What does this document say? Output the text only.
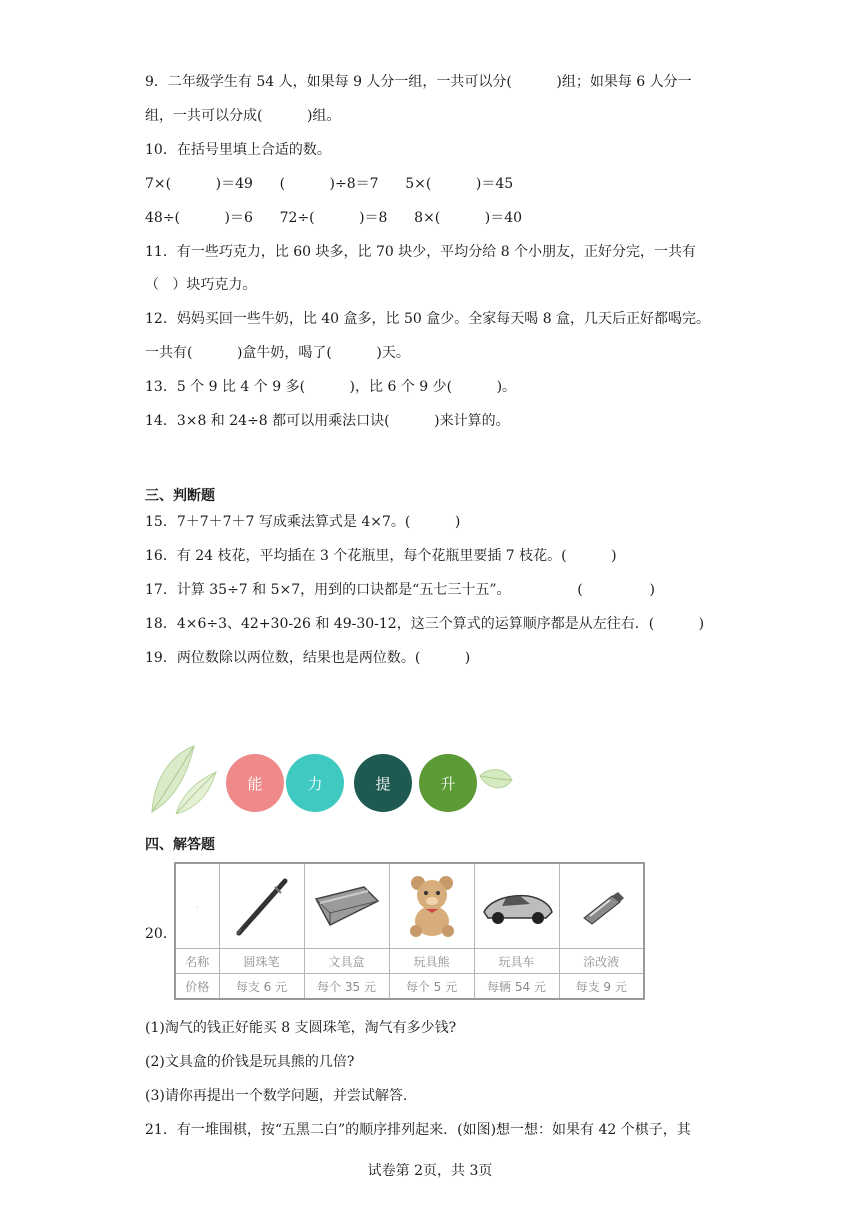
9．二年级学生有 54 人，如果每 9 人分一组，一共可以分(          )组；如果每 6 人分一
组，一共可以分成(          )组。
10．在括号里填上合适的数。
7×(          )＝49      (          )÷8＝7      5×(          )＝45
48÷(          )＝6      72÷(          )＝8      8×(          )＝40
11．有一些巧克力，比 60 块多，比 70 块少，平均分给 8 个小朋友，正好分完，一共有
（   ）块巧克力。
12．妈妈买回一些牛奶，比 40 盒多，比 50 盒少。全家每天喝 8 盒，几天后正好都喝完。
一共有(          )盒牛奶，喝了(          )天。
13．5 个 9 比 4 个 9 多(          )，比 6 个 9 少(          )。
14．3×8 和 24÷8 都可以用乘法口诀(          )来计算的。
三、判断题
15．7＋7＋7＋7 写成乘法算式是 4×7。(          )
16．有 24 枝花，平均插在 3 个花瓶里，每个花瓶里要插 7 枝花。(          )
17．计算 35÷7 和 5×7，用到的口诀都是“五七三十五”。               (               )
18．4×6÷3、42+30-26 和 49-30-12，这三个算式的运算顺序都是从左往右．(          )
19．两位数除以两位数，结果也是两位数。(          )
能	力	提	升
四、解答题
20．
·	

名称	圆珠笔	文具盒	玩具熊	玩具车	涂改液
价格	每支 6 元	每个 35 元	每个 5 元	每辆 54 元	每支 9 元
(1)淘气的钱正好能买 8 支圆珠笔，淘气有多少钱?
(2)文具盒的价钱是玩具熊的几倍?
(3)请你再提出一个数学问题，并尝试解答.
21．有一堆围棋，按“五黑二白”的顺序排列起来．(如图)想一想：如果有 42 个棋子，其
试卷第 2页，共 3页
